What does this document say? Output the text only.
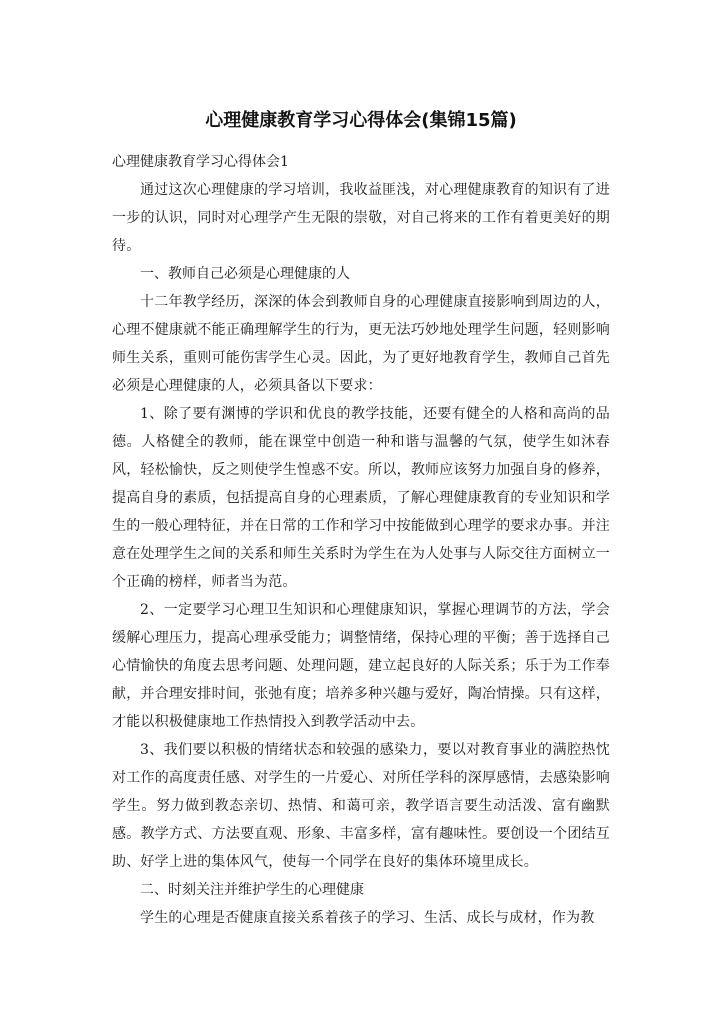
心理健康教育学习心得体会(集锦15篇)

心理健康教育学习心得体会1

通过这次心理健康的学习培训，我收益匪浅，对心理健康教育的知识有了进一步的认识，同时对心理学产生无限的崇敬，对自己将来的工作有着更美好的期待。

一、教师自己必须是心理健康的人

十二年教学经历，深深的体会到教师自身的心理健康直接影响到周边的人，心理不健康就不能正确理解学生的行为，更无法巧妙地处理学生问题，轻则影响师生关系，重则可能伤害学生心灵。因此，为了更好地教育学生，教师自己首先必须是心理健康的人，必须具备以下要求：

1、除了要有渊博的学识和优良的教学技能，还要有健全的人格和高尚的品德。人格健全的教师，能在课堂中创造一种和谐与温馨的气氛，使学生如沐春风，轻松愉快，反之则使学生惶惑不安。所以，教师应该努力加强自身的修养，提高自身的素质，包括提高自身的心理素质，了解心理健康教育的专业知识和学生的一般心理特征，并在日常的工作和学习中按能做到心理学的要求办事。并注意在处理学生之间的关系和师生关系时为学生在为人处事与人际交往方面树立一个正确的榜样，师者当为范。

2、一定要学习心理卫生知识和心理健康知识，掌握心理调节的方法，学会缓解心理压力，提高心理承受能力；调整情绪，保持心理的平衡；善于选择自己心情愉快的角度去思考问题、处理问题，建立起良好的人际关系；乐于为工作奉献，并合理安排时间，张弛有度；培养多种兴趣与爱好，陶冶情操。只有这样，才能以积极健康地工作热情投入到教学活动中去。

3、我们要以积极的情绪状态和较强的感染力，要以对教育事业的满腔热忱对工作的高度责任感、对学生的一片爱心、对所任学科的深厚感情，去感染影响学生。努力做到教态亲切、热情、和蔼可亲，教学语言要生动活泼、富有幽默感。教学方式、方法要直观、形象、丰富多样，富有趣味性。要创设一个团结互助、好学上进的集体风气，使每一个同学在良好的集体环境里成长。

二、时刻关注并维护学生的心理健康

学生的心理是否健康直接关系着孩子的学习、生活、成长与成材，作为教
